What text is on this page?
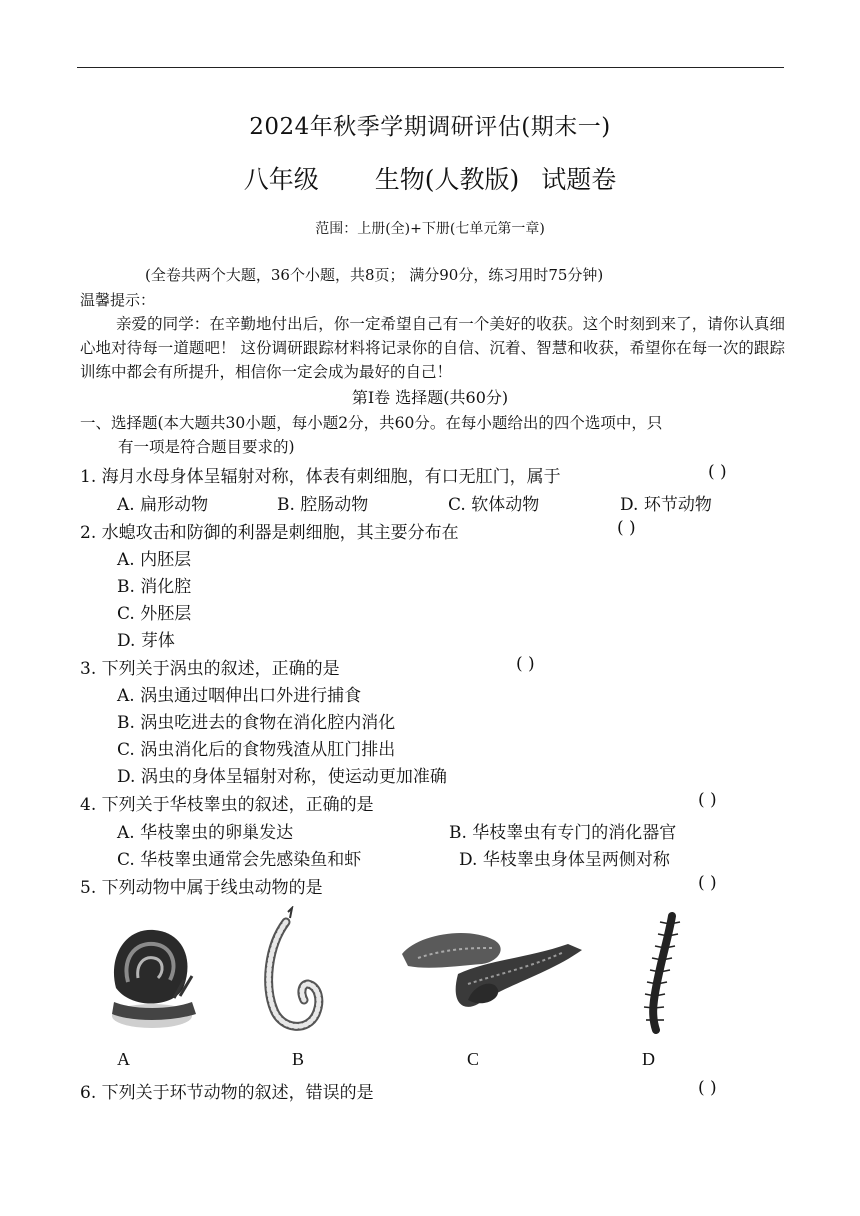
2024年秋季学期调研评估(期末一)
八年级 生物(人教版) 试题卷
范围：上册(全)+下册(七单元第一章)
(全卷共两个大题，36个小题，共8页； 满分90分，练习用时75分钟)
温馨提示：
亲爱的同学：在辛勤地付出后，你一定希望自己有一个美好的收获。这个时刻到来了，请你认真细心地对待每一道题吧！ 这份调研跟踪材料将记录你的自信、沉着、智慧和收获，希望你在每一次的跟踪训练中都会有所提升，相信你一定会成为最好的自己！
第Ⅰ卷 选择题(共60分)
一、选择题(本大题共30小题，每小题2分，共60分。在每小题给出的四个选项中，只
有一项是符合题目要求的)
1. 海月水母身体呈辐射对称，体表有刺细胞，有口无肛门，属于	( )
A. 扁形动物	B. 腔肠动物	C. 软体动物	D. 环节动物
2. 水螅攻击和防御的利器是刺细胞，其主要分布在	( )
A. 内胚层
B. 消化腔
C. 外胚层
D. 芽体
3. 下列关于涡虫的叙述，正确的是	( )
A. 涡虫通过咽伸出口外进行捕食
B. 涡虫吃进去的食物在消化腔内消化
C. 涡虫消化后的食物残渣从肛门排出
D. 涡虫的身体呈辐射对称，使运动更加准确
4. 下列关于华枝睾虫的叙述，正确的是	( )
A. 华枝睾虫的卵巢发达	B. 华枝睾虫有专门的消化器官
C. 华枝睾虫通常会先感染鱼和虾	D. 华枝睾虫身体呈两侧对称
5. 下列动物中属于线虫动物的是	( )
A	B	C	D
6. 下列关于环节动物的叙述，错误的是	( )
